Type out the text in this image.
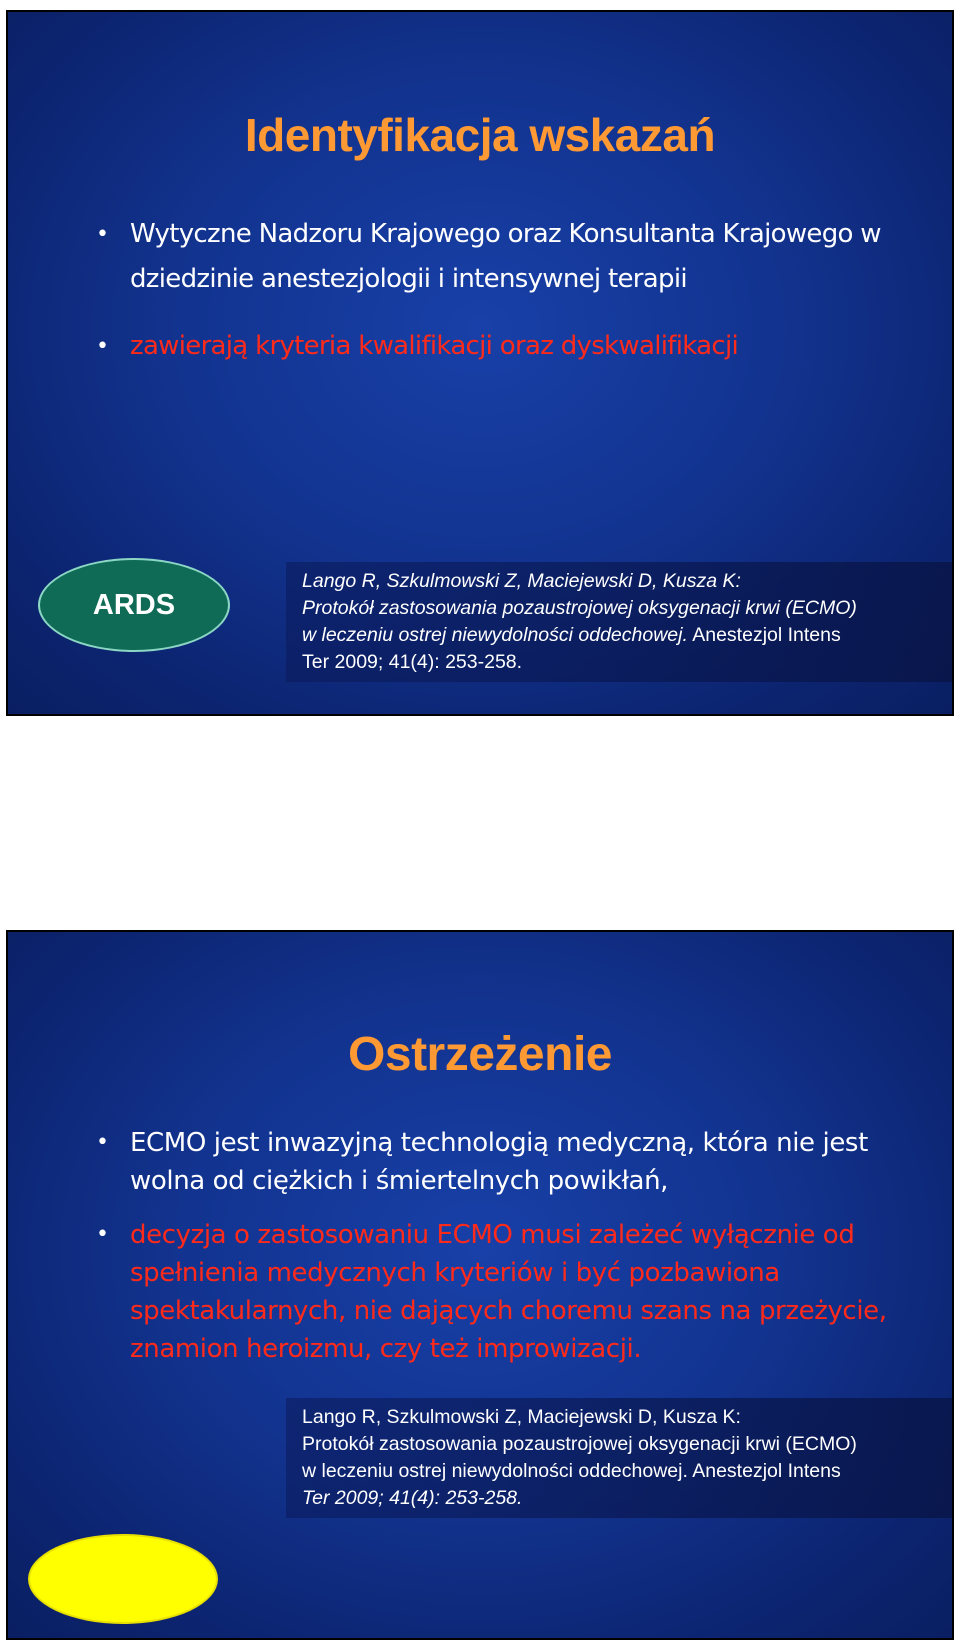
Identyfikacja wskazań
• Wytyczne Nadzoru Krajowego oraz Konsultanta Krajowego w dziedzinie anestezjologii i intensywnej terapii
• zawierają kryteria kwalifikacji oraz dyskwalifikacji
ARDS
Lango R, Szkulmowski Z, Maciejewski D, Kusza K:
Protokół zastosowania pozaustrojowej oksygenacji krwi (ECMO)
w leczeniu ostrej niewydolności oddechowej. Anestezjol Intens
Ter 2009; 41(4): 253-258.
Ostrzeżenie
• ECMO jest inwazyjną technologią medyczną, która nie jest wolna od ciężkich i śmiertelnych powikłań,
• decyzja o zastosowaniu ECMO musi zależeć wyłącznie od spełnienia medycznych kryteriów i być pozbawiona spektakularnych, nie dających choremu szans na przeżycie, znamion heroizmu, czy też improwizacji.
Lango R, Szkulmowski Z, Maciejewski D, Kusza K:
Protokół zastosowania pozaustrojowej oksygenacji krwi (ECMO)
w leczeniu ostrej niewydolności oddechowej. Anestezjol Intens
Ter 2009; 41(4): 253-258.
